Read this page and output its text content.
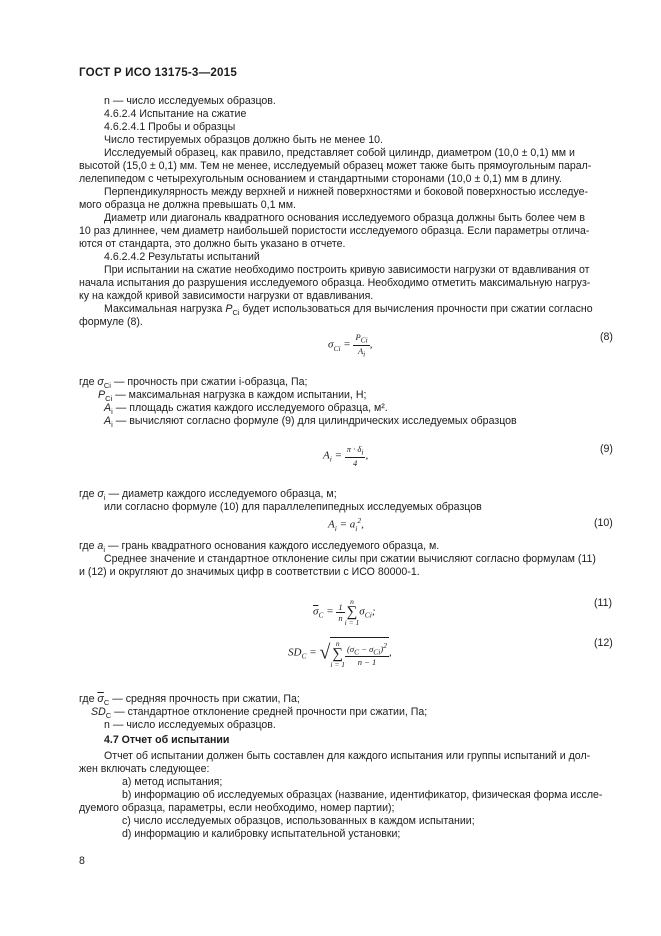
ГОСТ Р ИСО 13175-3—2015
n — число исследуемых образцов.
4.6.2.4 Испытание на сжатие
4.6.2.4.1 Пробы и образцы
Число тестируемых образцов должно быть не менее 10.
Исследуемый образец, как правило, представляет собой цилиндр, диаметром (10,0 ± 0,1) мм и
высотой (15,0 ± 0,1) мм. Тем не менее, исследуемый образец может также быть прямоугольным парал-
лелепипедом с четырехугольным основанием и стандартными сторонами (10,0 ± 0,1) мм в длину.
Перпендикулярность между верхней и нижней поверхностями и боковой поверхностью исследуе-
мого образца не должна превышать 0,1 мм.
Диаметр или диагональ квадратного основания исследуемого образца должны быть более чем в
10 раз длиннее, чем диаметр наибольшей пористости исследуемого образца. Если параметры отлича-
ются от стандарта, это должно быть указано в отчете.
4.6.2.4.2 Результаты испытаний
При испытании на сжатие необходимо построить кривую зависимости нагрузки от вдавливания от
начала испытания до разрушения исследуемого образца. Необходимо отметить максимальную нагруз-
ку на каждой кривой зависимости нагрузки от вдавливания.
Максимальная нагрузка $P_{Ci}$ будет использоваться для вычисления прочности при сжатии согласно
формуле (8).
$\sigma_{Ci} = \frac{P_{Ci}}{A_i}$ ,
(8)
где $\sigma_{Ci}$ — прочность при сжатии i-образца, Па;
$P_{Ci}$ — максимальная нагрузка в каждом испытании, Н;
$A_i$ — площадь сжатия каждого исследуемого образца, м².
$A_i$ — вычисляют согласно формуле (9) для цилиндрических исследуемых образцов
$A_i = \frac{\pi \cdot \delta_i}{4}$ ,
(9)
где $\sigma_i$ — диаметр каждого исследуемого образца, м;
или согласно формуле (10) для параллелепипедных исследуемых образцов
$A_i = a_i^2$,	(10)
где $a_i$ — грань квадратного основания каждого исследуемого образца, м.
Среднее значение и стандартное отклонение силы при сжатии вычисляют согласно формулам (11)
и (12) и округляют до значимых цифр в соответствии с ИСО 80000-1.
$\overline{\sigma}_C = \frac{1}{n}$ n
∑
i = 1
$\sigma_{Ci}$;
(11)
$SD_C$ = √ n
∑
$i = 1 \frac{(\sigma_C - \sigma_{Ci})^2}{n - 1}$ ,
(12)
где $\overline{\sigma}_C$ — средняя прочность при сжатии, Па;
$SD_C$ — стандартное отклонение средней прочности при сжатии, Па;
n — число исследуемых образцов.
4.7 Отчет об испытании
Отчет об испытании должен быть составлен для каждого испытания или группы испытаний и дол-
жен включать следующее:
a) метод испытания;
b) информацию об исследуемых образцах (название, идентификатор, физическая форма иссле-
дуемого образца, параметры, если необходимо, номер партии);
c) число исследуемых образцов, использованных в каждом испытании;
d) информацию и калибровку испытательной установки;
8
